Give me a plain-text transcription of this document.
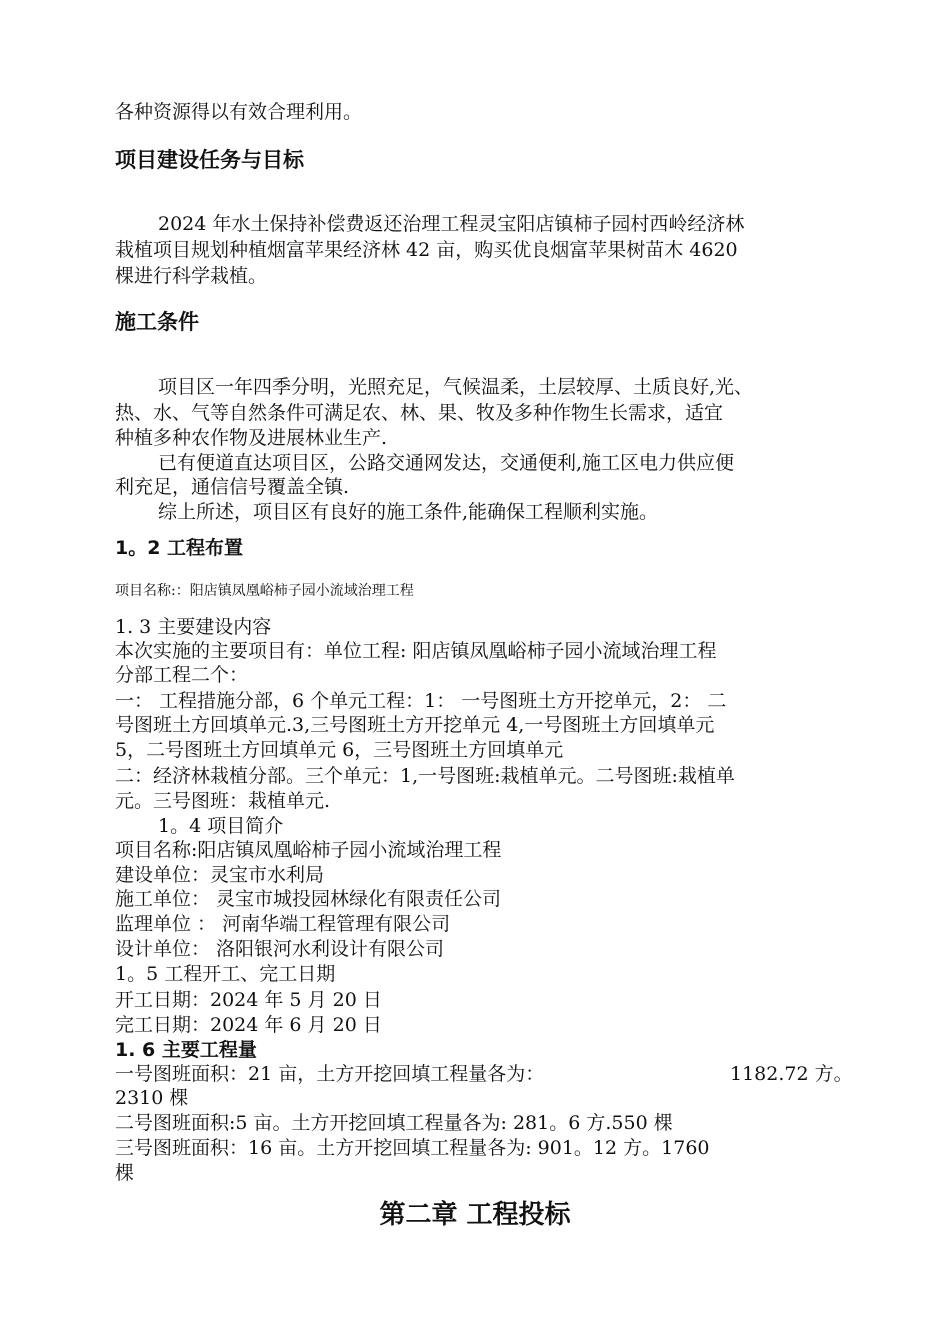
各种资源得以有效合理利用。
项目建设任务与目标
2024 年水土保持补偿费返还治理工程灵宝阳店镇柿子园村西岭经济林
栽植项目规划种植烟富苹果经济林 42 亩，购买优良烟富苹果树苗木 4620
棵进行科学栽植。
施工条件
项目区一年四季分明，光照充足，气候温柔，土层较厚、土质良好,光、
热、水、气等自然条件可满足农、林、果、牧及多种作物生长需求，适宜
种植多种农作物及进展林业生产.
已有便道直达项目区，公路交通网发达，交通便利,施工区电力供应便
利充足，通信信号覆盖全镇.
综上所述，项目区有良好的施工条件,能确保工程顺利实施。
1。2 工程布置
项目名称:：阳店镇凤凰峪柿子园小流域治理工程
1. 3 主要建设内容
本次实施的主要项目有：单位工程: 阳店镇凤凰峪柿子园小流域治理工程
分部工程二个：
一： 工程措施分部，6 个单元工程：1： 一号图班土方开挖单元，2： 二
号图班土方回填单元.3,三号图班土方开挖单元 4,一号图班土方回填单元
5，二号图班土方回填单元 6，三号图班土方回填单元
二：经济林栽植分部。三个单元：1,一号图班:栽植单元。二号图班:栽植单
元。三号图班：栽植单元.
1。4 项目简介
项目名称:阳店镇凤凰峪柿子园小流域治理工程
建设单位：灵宝市水利局
施工单位： 灵宝市城投园林绿化有限责任公司
监理单位 ： 河南华端工程管理有限公司
设计单位： 洛阳银河水利设计有限公司
1。5 工程开工、完工日期
开工日期：2024 年 5 月 20 日
完工日期：2024 年 6 月 20 日
1. 6 主要工程量
一号图班面积：21 亩，土方开挖回填工程量各为：	1182.72 方。
2310 棵
二号图班面积:5 亩。土方开挖回填工程量各为: 281。6 方.550 棵
三号图班面积：16 亩。土方开挖回填工程量各为: 901。12 方。1760
棵
第二章 工程投标
